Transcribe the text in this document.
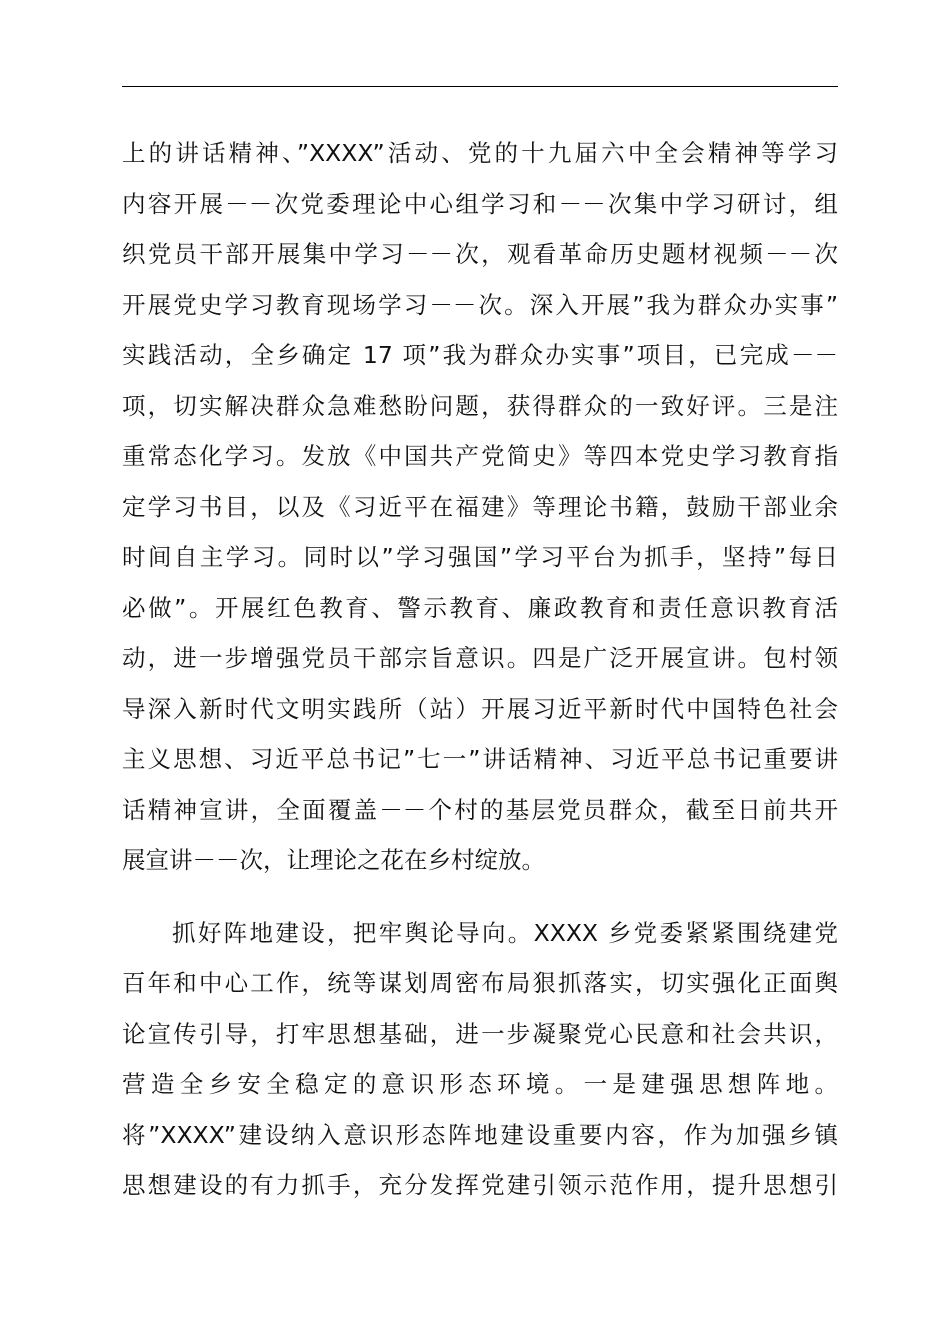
上的讲话精神、”XXXX”活动、党的十九届六中全会精神等学习
内容开展－－次党委理论中心组学习和－－次集中学习研讨，组
织党员干部开展集中学习－－次，观看革命历史题材视频－－次
开展党史学习教育现场学习－－次。深入开展”我为群众办实事”
实践活动，全乡确定 17 项”我为群众办实事”项目，已完成－－
项，切实解决群众急难愁盼问题，获得群众的一致好评。三是注
重常态化学习。发放《中国共产党简史》等四本党史学习教育指
定学习书目，以及《习近平在福建》等理论书籍，鼓励干部业余
时间自主学习。同时以”学习强国”学习平台为抓手，坚持”每日
必做”。开展红色教育、警示教育、廉政教育和责任意识教育活
动，进一步增强党员干部宗旨意识。四是广泛开展宣讲。包村领
导深入新时代文明实践所（站）开展习近平新时代中国特色社会
主义思想、习近平总书记”七一”讲话精神、习近平总书记重要讲
话精神宣讲，全面覆盖－－个村的基层党员群众，截至日前共开
展宣讲－－次，让理论之花在乡村绽放。
抓好阵地建设，把牢舆论导向。XXXX 乡党委紧紧围绕建党
百年和中心工作，统等谋划周密布局狠抓落实，切实强化正面舆
论宣传引导，打牢思想基础，进一步凝聚党心民意和社会共识，
营造全乡安全稳定的意识形态环境。一是建强思想阵地。
将”XXXX”建设纳入意识形态阵地建设重要内容，作为加强乡镇
思想建设的有力抓手，充分发挥党建引领示范作用，提升思想引
